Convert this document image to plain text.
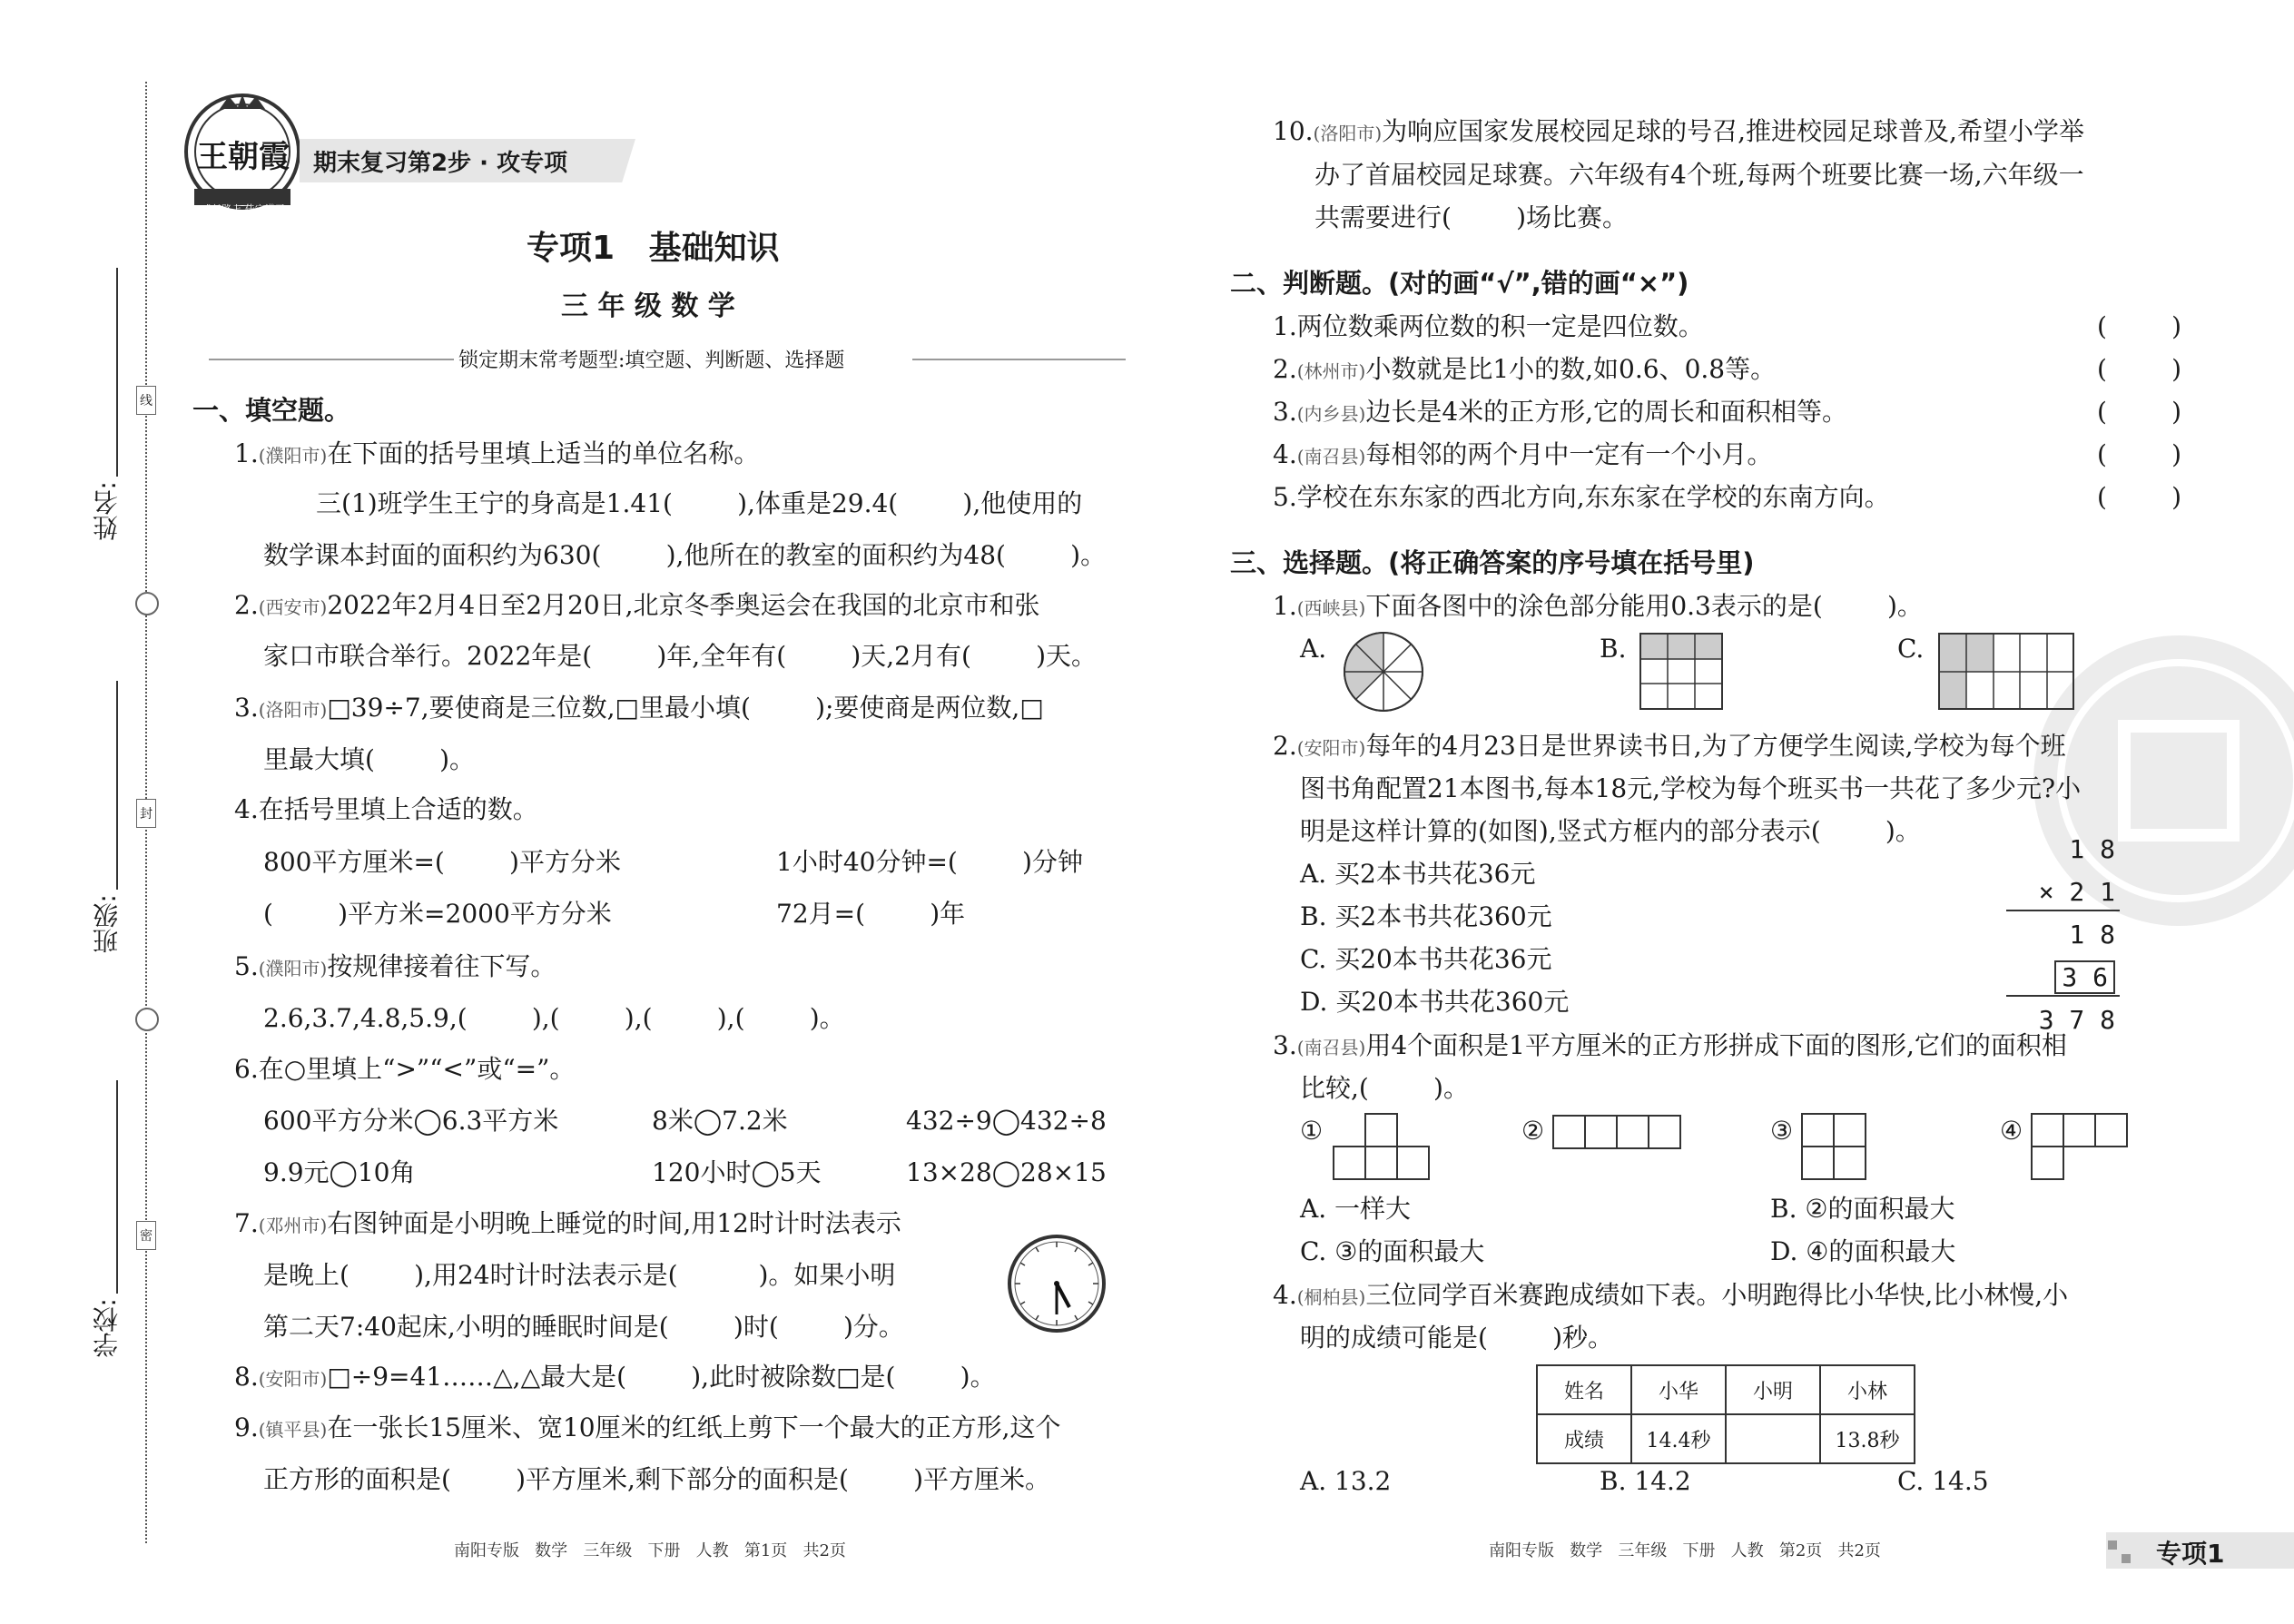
线
封
密
姓名:
班级:
学校:
王朝霞
成长路上 佳完满天
期末复习第2步 · 攻专项
专项1   基础知识
三 年 级 数 学
锁定期末常考题型:填空题、判断题、选择题
一、填空题。
1.(濮阳市)在下面的括号里填上适当的单位名称。
三(1)班学生王宁的身高是1.41(        ),体重是29.4(        ),他使用的
数学课本封面的面积约为630(        ),他所在的教室的面积约为48(        )。
2.(西安市)2022年2月4日至2月20日,北京冬季奥运会在我国的北京市和张
家口市联合举行。2022年是(        )年,全年有(        )天,2月有(        )天。
3.(洛阳市)□39÷7,要使商是三位数,□里最小填(        );要使商是两位数,□
里最大填(        )。
4.在括号里填上合适的数。
800平方厘米=(        )平方分米	1小时40分钟=(        )分钟
(        )平方米=2000平方分米	72月=(        )年
5.(濮阳市)按规律接着往下写。
2.6,3.7,4.8,5.9,(        ),(        ),(        ),(        )。
6.在○里填上“>”“<”或“=”。
600平方分米◯6.3平方米	8米◯7.2米	432÷9◯432÷8
9.9元◯10角	120小时◯5天	13×28◯28×15
7.(邓州市)右图钟面是小明晚上睡觉的时间,用12时计时法表示
是晚上(        ),用24时计时法表示是(          )。如果小明
第二天7:40起床,小明的睡眠时间是(        )时(        )分。
8.(安阳市)□÷9=41……△,△最大是(        ),此时被除数□是(        )。
9.(镇平县)在一张长15厘米、宽10厘米的红纸上剪下一个最大的正方形,这个
正方形的面积是(        )平方厘米,剩下部分的面积是(        )平方厘米。
南阳专版   数学   三年级   下册   人教   第1页   共2页
10.(洛阳市)为响应国家发展校园足球的号召,推进校园足球普及,希望小学举
办了首届校园足球赛。六年级有4个班,每两个班要比赛一场,六年级一
共需要进行(        )场比赛。
二、判断题。(对的画“√”,错的画“×”)
1.两位数乘两位数的积一定是四位数。	(        )
2.(林州市)小数就是比1小的数,如0.6、0.8等。	(        )
3.(内乡县)边长是4米的正方形,它的周长和面积相等。	(        )
4.(南召县)每相邻的两个月中一定有一个小月。	(        )
5.学校在东东家的西北方向,东东家在学校的东南方向。	(        )
三、选择题。(将正确答案的序号填在括号里)
1.(西峡县)下面各图中的涂色部分能用0.3表示的是(        )。
A.	B.	C.
2.(安阳市)每年的4月23日是世界读书日,为了方便学生阅读,学校为每个班
图书角配置21本图书,每本18元,学校为每个班买书一共花了多少元?小
明是这样计算的(如图),竖式方框内的部分表示(        )。
A. 买2本书共花36元
B. 买2本书共花360元
C. 买20本书共花36元
D. 买20本书共花360元
1 8
× 2 1
1 8
3 6
3 7 8
3.(南召县)用4个面积是1平方厘米的正方形拼成下面的图形,它们的面积相
比较,(        )。
①	②	③	④
A. 一样大	B. ②的面积最大
C. ③的面积最大	D. ④的面积最大
4.(桐柏县)三位同学百米赛跑成绩如下表。小明跑得比小华快,比小林慢,小
明的成绩可能是(        )秒。
姓名	小华	小明	小林
成绩	14.4秒		13.8秒
A. 13.2	B. 14.2	C. 14.5
南阳专版   数学   三年级   下册   人教   第2页   共2页	专项1
